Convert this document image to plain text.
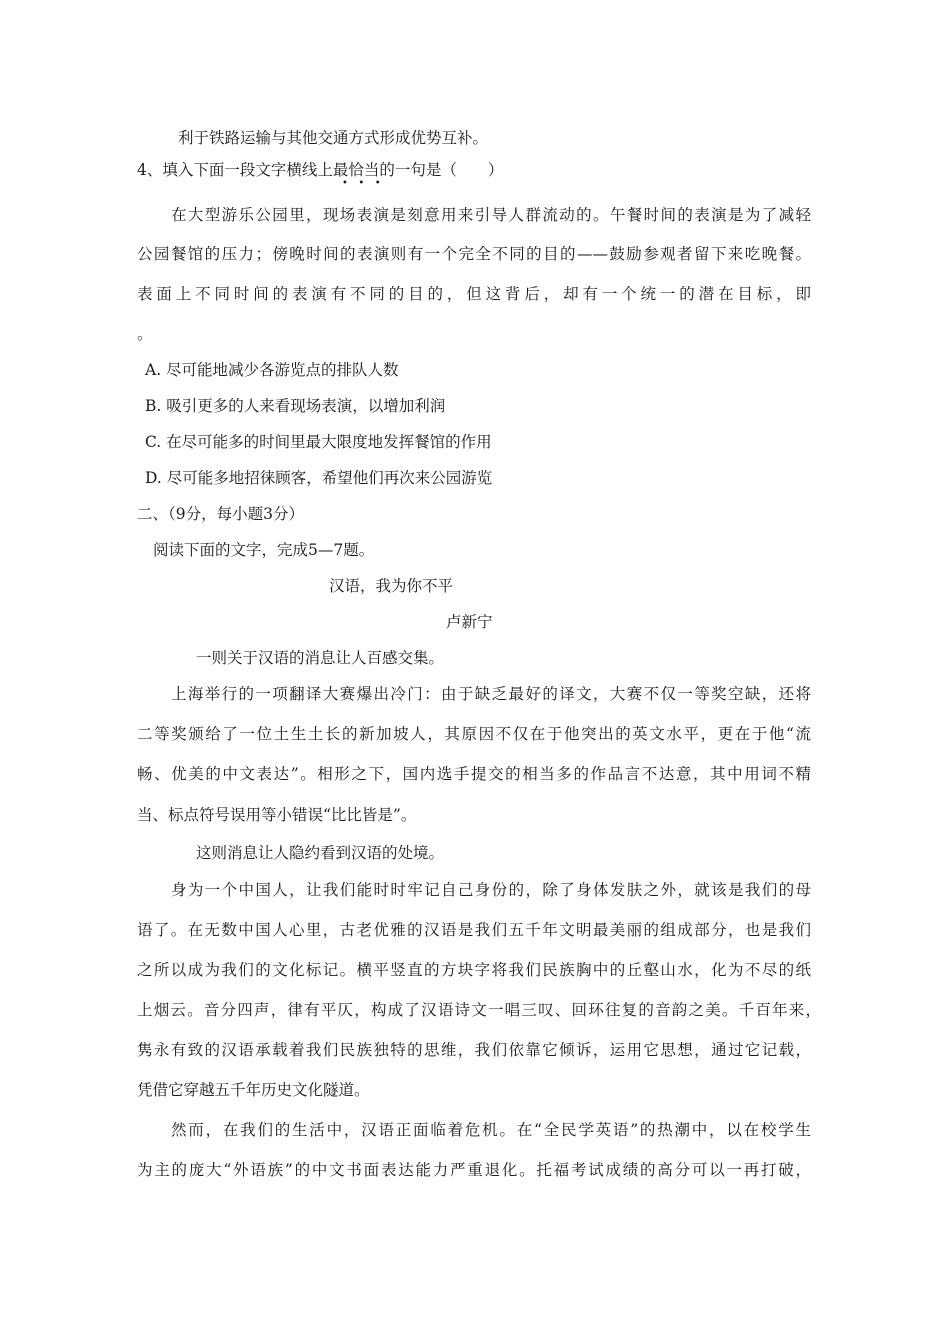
利于铁路运输与其他交通方式形成优势互补。
4、填入下面一段文字横线上最恰当的一句是（　　）
•••
在大型游乐公园里，现场表演是刻意用来引导人群流动的。午餐时间的表演是为了减轻
公园餐馆的压力；傍晚时间的表演则有一个完全不同的目的——鼓励参观者留下来吃晚餐。
表面上不同时间的表演有不同的目的，但这背后，却有一个统一的潜在目标，即
。
A. 尽可能地减少各游览点的排队人数
B. 吸引更多的人来看现场表演，以增加利润
C. 在尽可能多的时间里最大限度地发挥餐馆的作用
D. 尽可能多地招徕顾客，希望他们再次来公园游览
二、（9分，每小题3分）
阅读下面的文字，完成5—7题。
汉语，我为你不平
卢新宁
一则关于汉语的消息让人百感交集。
上海举行的一项翻译大赛爆出冷门：由于缺乏最好的译文，大赛不仅一等奖空缺，还将
二等奖颁给了一位土生土长的新加坡人，其原因不仅在于他突出的英文水平，更在于他“流
畅、优美的中文表达”。相形之下，国内选手提交的相当多的作品言不达意，其中用词不精
当、标点符号误用等小错误“比比皆是”。
这则消息让人隐约看到汉语的处境。
身为一个中国人，让我们能时时牢记自己身份的，除了身体发肤之外，就该是我们的母
语了。在无数中国人心里，古老优雅的汉语是我们五千年文明最美丽的组成部分，也是我们
之所以成为我们的文化标记。横平竖直的方块字将我们民族胸中的丘壑山水，化为不尽的纸
上烟云。音分四声，律有平仄，构成了汉语诗文一唱三叹、回环往复的音韵之美。千百年来，
隽永有致的汉语承载着我们民族独特的思维，我们依靠它倾诉，运用它思想，通过它记载，
凭借它穿越五千年历史文化隧道。
然而，在我们的生活中，汉语正面临着危机。在“全民学英语”的热潮中，以在校学生
为主的庞大“外语族”的中文书面表达能力严重退化。托福考试成绩的高分可以一再打破，
